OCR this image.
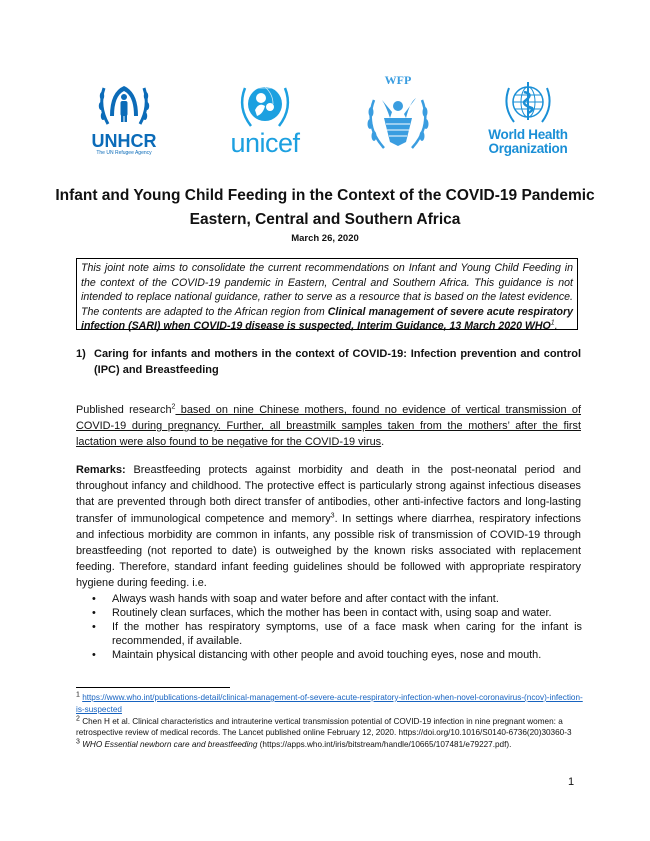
UNHCR
The UN Refugee Agency	unicef
WFP
World Health
Organization
Infant and Young Child Feeding in the Context of the COVID-19 Pandemic
Eastern, Central and Southern Africa
March 26, 2020
This joint note aims to consolidate the current recommendations on Infant and Young Child Feeding in the context of the COVID-19 pandemic in Eastern, Central and Southern Africa. This guidance is not intended to replace national guidance, rather to serve as a resource that is based on the latest evidence. The contents are adapted to the African region from Clinical management of severe acute respiratory infection (SARI) when COVID-19 disease is suspected, Interim Guidance, 13 March 2020 WHO$^1$.
1) Caring for infants and mothers in the context of COVID-19: Infection prevention and control (IPC) and Breastfeeding
Published research$^2$ based on nine Chinese mothers, found no evidence of vertical transmission of COVID-19 during pregnancy. Further, all breastmilk samples taken from the mothers’ after the first lactation were also found to be negative for the COVID-19 virus.
Remarks: Breastfeeding protects against morbidity and death in the post-neonatal period and throughout infancy and childhood. The protective effect is particularly strong against infectious diseases that are prevented through both direct transfer of antibodies, other anti-infective factors and long-lasting transfer of immunological competence and memory$^3$. In settings where diarrhea, respiratory infections and infectious morbidity are common in infants, any possible risk of transmission of COVID-19 through breastfeeding (not reported to date) is outweighed by the known risks associated with replacement feeding. Therefore, standard infant feeding guidelines should be followed with appropriate respiratory hygiene during feeding. i.e.
• Always wash hands with soap and water before and after contact with the infant.
• Routinely clean surfaces, which the mother has been in contact with, using soap and water.
• If the mother has respiratory symptoms, use of a face mask when caring for the infant is recommended, if available.
• Maintain physical distancing with other people and avoid touching eyes, nose and mouth.
$^1$ https://www.who.int/publications-detail/clinical-management-of-severe-acute-respiratory-infection-when-novel-coronavirus-(ncov)-infection-is-suspected
$^2$ Chen H et al. Clinical characteristics and intrauterine vertical transmission potential of COVID-19 infection in nine pregnant women: a retrospective review of medical records. The Lancet published online February 12, 2020. https://doi.org/10.1016/S0140-6736(20)30360-3
$^3$ WHO Essential newborn care and breastfeeding (https://apps.who.int/iris/bitstream/handle/10665/107481/e79227.pdf).
1
